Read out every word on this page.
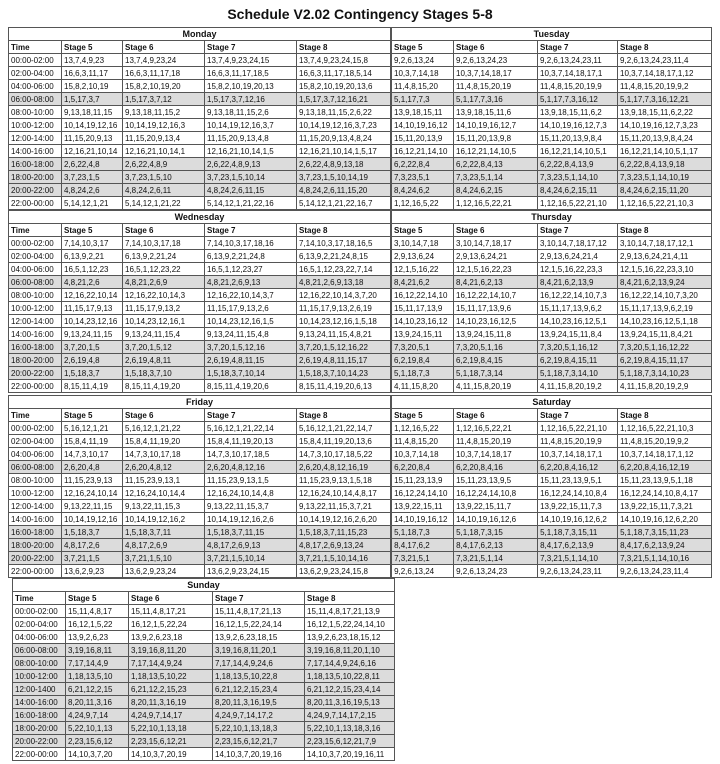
Schedule V2.02 Contingency Stages 5-8
Monday				
Time	Stage 5	Stage 6	Stage 7	Stage 8
00:00-02:00	13,7,4,9,23	13,7,4,9,23,24	13,7,4,9,23,24,15	13,7,4,9,23,24,15,8
02:00-04:00	16,6,3,11,17	16,6,3,11,17,18	16,6,3,11,17,18,5	16,6,3,11,17,18,5,14
04:00-06:00	15,8,2,10,19	15,8,2,10,19,20	15,8,2,10,19,20,13	15,8,2,10,19,20,13,6
06:00-08:00	1,5,17,3,7	1,5,17,3,7,12	1,5,17,3,7,12,16	1,5,17,3,7,12,16,21
08:00-10:00	9,13,18,11,15	9,13,18,11,15,2	9,13,18,11,15,2,6	9,13,18,11,15,2,6,22
10:00-12:00	10,14,19,12,16	10,14,19,12,16,3	10,14,19,12,16,3,7	10,14,19,12,16,3,7,23
12:00-14:00	11,15,20,9,13	11,15,20,9,13,4	11,15,20,9,13,4,8	11,15,20,9,13,4,8,24
14:00-16:00	12,16,21,10,14	12,16,21,10,14,1	12,16,21,10,14,1,5	12,16,21,10,14,1,5,17
16:00-18:00	2,6,22,4,8	2,6,22,4,8,9	2,6,22,4,8,9,13	2,6,22,4,8,9,13,18
18:00-20:00	3,7,23,1,5	3,7,23,1,5,10	3,7,23,1,5,10,14	3,7,23,1,5,10,14,19
20:00-22:00	4,8,24,2,6	4,8,24,2,6,11	4,8,24,2,6,11,15	4,8,24,2,6,11,15,20
22:00-00:00	5,14,12,1,21	5,14,12,1,21,22	5,14,12,1,21,22,16	5,14,12,1,21,22,16,7
Tuesday			
Stage 5	Stage 6	Stage 7	Stage 8
9,2,6,13,24	9,2,6,13,24,23	9,2,6,13,24,23,11	9,2,6,13,24,23,11,4
10,3,7,14,18	10,3,7,14,18,17	10,3,7,14,18,17,1	10,3,7,14,18,17,1,12
11,4,8,15,20	11,4,8,15,20,19	11,4,8,15,20,19,9	11,4,8,15,20,19,9,2
5,1,17,7,3	5,1,17,7,3,16	5,1,17,7,3,16,12	5,1,17,7,3,16,12,21
13,9,18,15,11	13,9,18,15,11,6	13,9,18,15,11,6,2	13,9,18,15,11,6,2,22
14,10,19,16,12	14,10,19,16,12,7	14,10,19,16,12,7,3	14,10,19,16,12,7,3,23
15,11,20,13,9	15,11,20,13,9,8	15,11,20,13,9,8,4	15,11,20,13,9,8,4,24
16,12,21,14,10	16,12,21,14,10,5	16,12,21,14,10,5,1	16,12,21,14,10,5,1,17
6,2,22,8,4	6,2,22,8,4,13	6,2,22,8,4,13,9	6,2,22,8,4,13,9,18
7,3,23,5,1	7,3,23,5,1,14	7,3,23,5,1,14,10	7,3,23,5,1,14,10,19
8,4,24,6,2	8,4,24,6,2,15	8,4,24,6,2,15,11	8,4,24,6,2,15,11,20
1,12,16,5,22	1,12,16,5,22,21	1,12,16,5,22,21,10	1,12,16,5,22,21,10,3
Wednesday				
Time	Stage 5	Stage 6	Stage 7	Stage 8
00:00-02:00	7,14,10,3,17	7,14,10,3,17,18	7,14,10,3,17,18,16	7,14,10,3,17,18,16,5
02:00-04:00	6,13,9,2,21	6,13,9,2,21,24	6,13,9,2,21,24,8	6,13,9,2,21,24,8,15
04:00-06:00	16,5,1,12,23	16,5,1,12,23,22	16,5,1,12,23,27	16,5,1,12,23,22,7,14
06:00-08:00	4,8,21,2,6	4,8,21,2,6,9	4,8,21,2,6,9,13	4,8,21,2,6,9,13,18
08:00-10:00	12,16,22,10,14	12,16,22,10,14,3	12,16,22,10,14,3,7	12,16,22,10,14,3,7,20
10:00-12:00	11,15,17,9,13	11,15,17,9,13,2	11,15,17,9,13,2,6	11,15,17,9,13,2,6,19
12:00-14:00	10,14,23,12,16	10,14,23,12,16,1	10,14,23,12,16,1,5	10,14,23,12,16,1,5,18
14:00-16:00	9,13,24,11,15	9,13,24,11,15,4	9,13,24,11,15,4,8	9,13,24,11,15,4,8,21
16:00-18:00	3,7,20,1,5	3,7,20,1,5,12	3,7,20,1,5,12,16	3,7,20,1,5,12,16,22
18:00-20:00	2,6,19,4,8	2,6,19,4,8,11	2,6,19,4,8,11,15	2,6,19,4,8,11,15,17
20:00-22:00	1,5,18,3,7	1,5,18,3,7,10	1,5,18,3,7,10,14	1,5,18,3,7,10,14,23
22:00-00:00	8,15,11,4,19	8,15,11,4,19,20	8,15,11,4,19,20,6	8,15,11,4,19,20,6,13
Thursday			
Stage 5	Stage 6	Stage 7	Stage 8
3,10,14,7,18	3,10,14,7,18,17	3,10,14,7,18,17,12	3,10,14,7,18,17,12,1
2,9,13,6,24	2,9,13,6,24,21	2,9,13,6,24,21,4	2,9,13,6,24,21,4,11
12,1,5,16,22	12,1,5,16,22,23	12,1,5,16,22,23,3	12,1,5,16,22,23,3,10
8,4,21,6,2	8,4,21,6,2,13	8,4,21,6,2,13,9	8,4,21,6,2,13,9,24
16,12,22,14,10	16,12,22,14,10,7	16,12,22,14,10,7,3	16,12,22,14,10,7,3,20
15,11,17,13,9	15,11,17,13,9,6	15,11,17,13,9,6,2	15,11,17,13,9,6,2,19
14,10,23,16,12	14,10,23,16,12,5	14,10,23,16,12,5,1	14,10,23,16,12,5,1,18
13,9,24,15,11	13,9,24,15,11,8	13,9,24,15,11,8,4	13,9,24,15,11,8,4,21
7,3,20,5,1	7,3,20,5,1,16	7,3,20,5,1,16,12	7,3,20,5,1,16,12,22
6,2,19,8,4	6,2,19,8,4,15	6,2,19,8,4,15,11	6,2,19,8,4,15,11,17
5,1,18,7,3	5,1,18,7,3,14	5,1,18,7,3,14,10	5,1,18,7,3,14,10,23
4,11,15,8,20	4,11,15,8,20,19	4,11,15,8,20,19,2	4,11,15,8,20,19,2,9
Friday				
Time	Stage 5	Stage 6	Stage 7	Stage 8
00:00-02:00	5,16,12,1,21	5,16,12,1,21,22	5,16,12,1,21,22,14	5,16,12,1,21,22,14,7
02:00-04:00	15,8,4,11,19	15,8,4,11,19,20	15,8,4,11,19,20,13	15,8,4,11,19,20,13,6
04:00-06:00	14,7,3,10,17	14,7,3,10,17,18	14,7,3,10,17,18,5	14,7,3,10,17,18,5,22
06:00-08:00	2,6,20,4,8	2,6,20,4,8,12	2,6,20,4,8,12,16	2,6,20,4,8,12,16,19
08:00-10:00	11,15,23,9,13	11,15,23,9,13,1	11,15,23,9,13,1,5	11,15,23,9,13,1,5,18
10:00-12:00	12,16,24,10,14	12,16,24,10,14,4	12,16,24,10,14,4,8	12,16,24,10,14,4,8,17
12:00-14:00	9,13,22,11,15	9,13,22,11,15,3	9,13,22,11,15,3,7	9,13,22,11,15,3,7,21
14:00-16:00	10,14,19,12,16	10,14,19,12,16,2	10,14,19,12,16,2,6	10,14,19,12,16,2,6,20
16:00-18:00	1,5,18,3,7	1,5,18,3,7,11	1,5,18,3,7,11,15	1,5,18,3,7,11,15,23
18:00-20:00	4,8,17,2,6	4,8,17,2,6,9	4,8,17,2,6,9,13	4,8,17,2,6,9,13,24
20:00-22:00	3,7,21,1,5	3,7,21,1,5,10	3,7,21,1,5,10,14	3,7,21,1,5,10,14,16
22:00-00:00	13,6,2,9,23	13,6,2,9,23,24	13,6,2,9,23,24,15	13,6,2,9,23,24,15,8
Saturday			
Stage 5	Stage 6	Stage 7	Stage 8
1,12,16,5,22	1,12,16,5,22,21	1,12,16,5,22,21,10	1,12,16,5,22,21,10,3
11,4,8,15,20	11,4,8,15,20,19	11,4,8,15,20,19,9	11,4,8,15,20,19,9,2
10,3,7,14,18	10,3,7,14,18,17	10,3,7,14,18,17,1	10,3,7,14,18,17,1,12
6,2,20,8,4	6,2,20,8,4,16	6,2,20,8,4,16,12	6,2,20,8,4,16,12,19
15,11,23,13,9	15,11,23,13,9,5	15,11,23,13,9,5,1	15,11,23,13,9,5,1,18
16,12,24,14,10	16,12,24,14,10,8	16,12,24,14,10,8,4	16,12,24,14,10,8,4,17
13,9,22,15,11	13,9,22,15,11,7	13,9,22,15,11,7,3	13,9,22,15,11,7,3,21
14,10,19,16,12	14,10,19,16,12,6	14,10,19,16,12,6,2	14,10,19,16,12,6,2,20
5,1,18,7,3	5,1,18,7,3,15	5,1,18,7,3,15,11	5,1,18,7,3,15,11,23
8,4,17,6,2	8,4,17,6,2,13	8,4,17,6,2,13,9	8,4,17,6,2,13,9,24
7,3,21,5,1	7,3,21,5,1,14	7,3,21,5,1,14,10	7,3,21,5,1,14,10,16
9,2,6,13,24	9,2,6,13,24,23	9,2,6,13,24,23,11	9,2,6,13,24,23,11,4
Sunday				
Time	Stage 5	Stage 6	Stage 7	Stage 8
00:00-02:00	15,11,4,8,17	15,11,4,8,17,21	15,11,4,8,17,21,13	15,11,4,8,17,21,13,9
02:00-04:00	16,12,1,5,22	16,12,1,5,22,24	16,12,1,5,22,24,14	16,12,1,5,22,24,14,10
04:00-06:00	13,9,2,6,23	13,9,2,6,23,18	13,9,2,6,23,18,15	13,9,2,6,23,18,15,12
06:00-08:00	3,19,16,8,11	3,19,16,8,11,20	3,19,16,8,11,20,1	3,19,16,8,11,20,1,10
08:00-10:00	7,17,14,4,9	7,17,14,4,9,24	7,17,14,4,9,24,6	7,17,14,4,9,24,6,16
10:00-12:00	1,18,13,5,10	1,18,13,5,10,22	1,18,13,5,10,22,8	1,18,13,5,10,22,8,11
12:00-1400	6,21,12,2,15	6,21,12,2,15,23	6,21,12,2,15,23,4	6,21,12,2,15,23,4,14
14:00-16:00	8,20,11,3,16	8,20,11,3,16,19	8,20,11,3,16,19,5	8,20,11,3,16,19,5,13
16:00-18:00	4,24,9,7,14	4,24,9,7,14,17	4,24,9,7,14,17,2	4,24,9,7,14,17,2,15
18:00-20:00	5,22,10,1,13	5,22,10,1,13,18	5,22,10,1,13,18,3	5,22,10,1,13,18,3,16
20:00-22:00	2,23,15,6,12	2,23,15,6,12,21	2,23,15,6,12,21,7	2,23,15,6,12,21,7,9
22:00-00:00	14,10,3,7,20	14,10,3,7,20,19	14,10,3,7,20,19,16	14,10,3,7,20,19,16,11
